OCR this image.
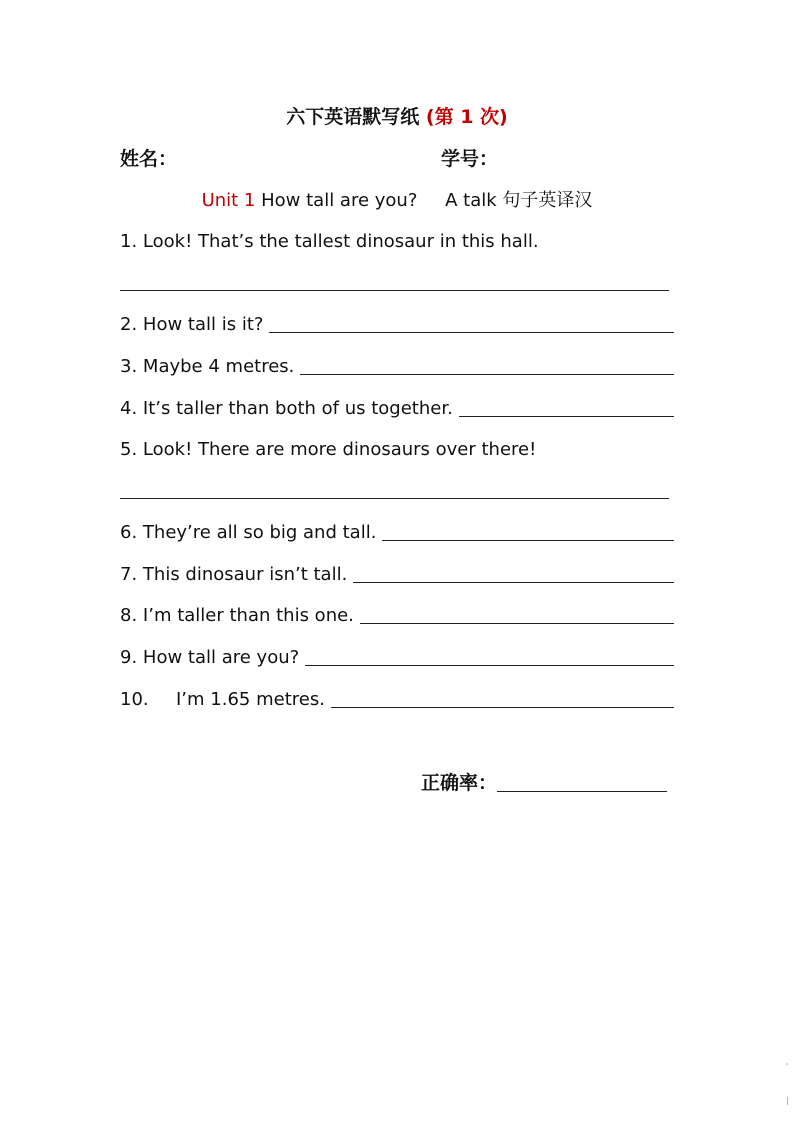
六下英语默写纸 (第 1 次)
姓名：	学号：
Unit 1 How tall are you? A talk 句子英译汉
1.
Look! That’s the tallest dinosaur in this hall.
2.
How tall is it?
3.
Maybe 4 metres.
4.
It’s taller than both of us together.
5.
Look! There are more dinosaurs over there!
6.
They’re all so big and tall.
7.
This dinosaur isn’t tall.
8.
I’m taller than this one.
9.
How tall are you?
10.	I’m 1.65 metres.
正确率：
'
|
